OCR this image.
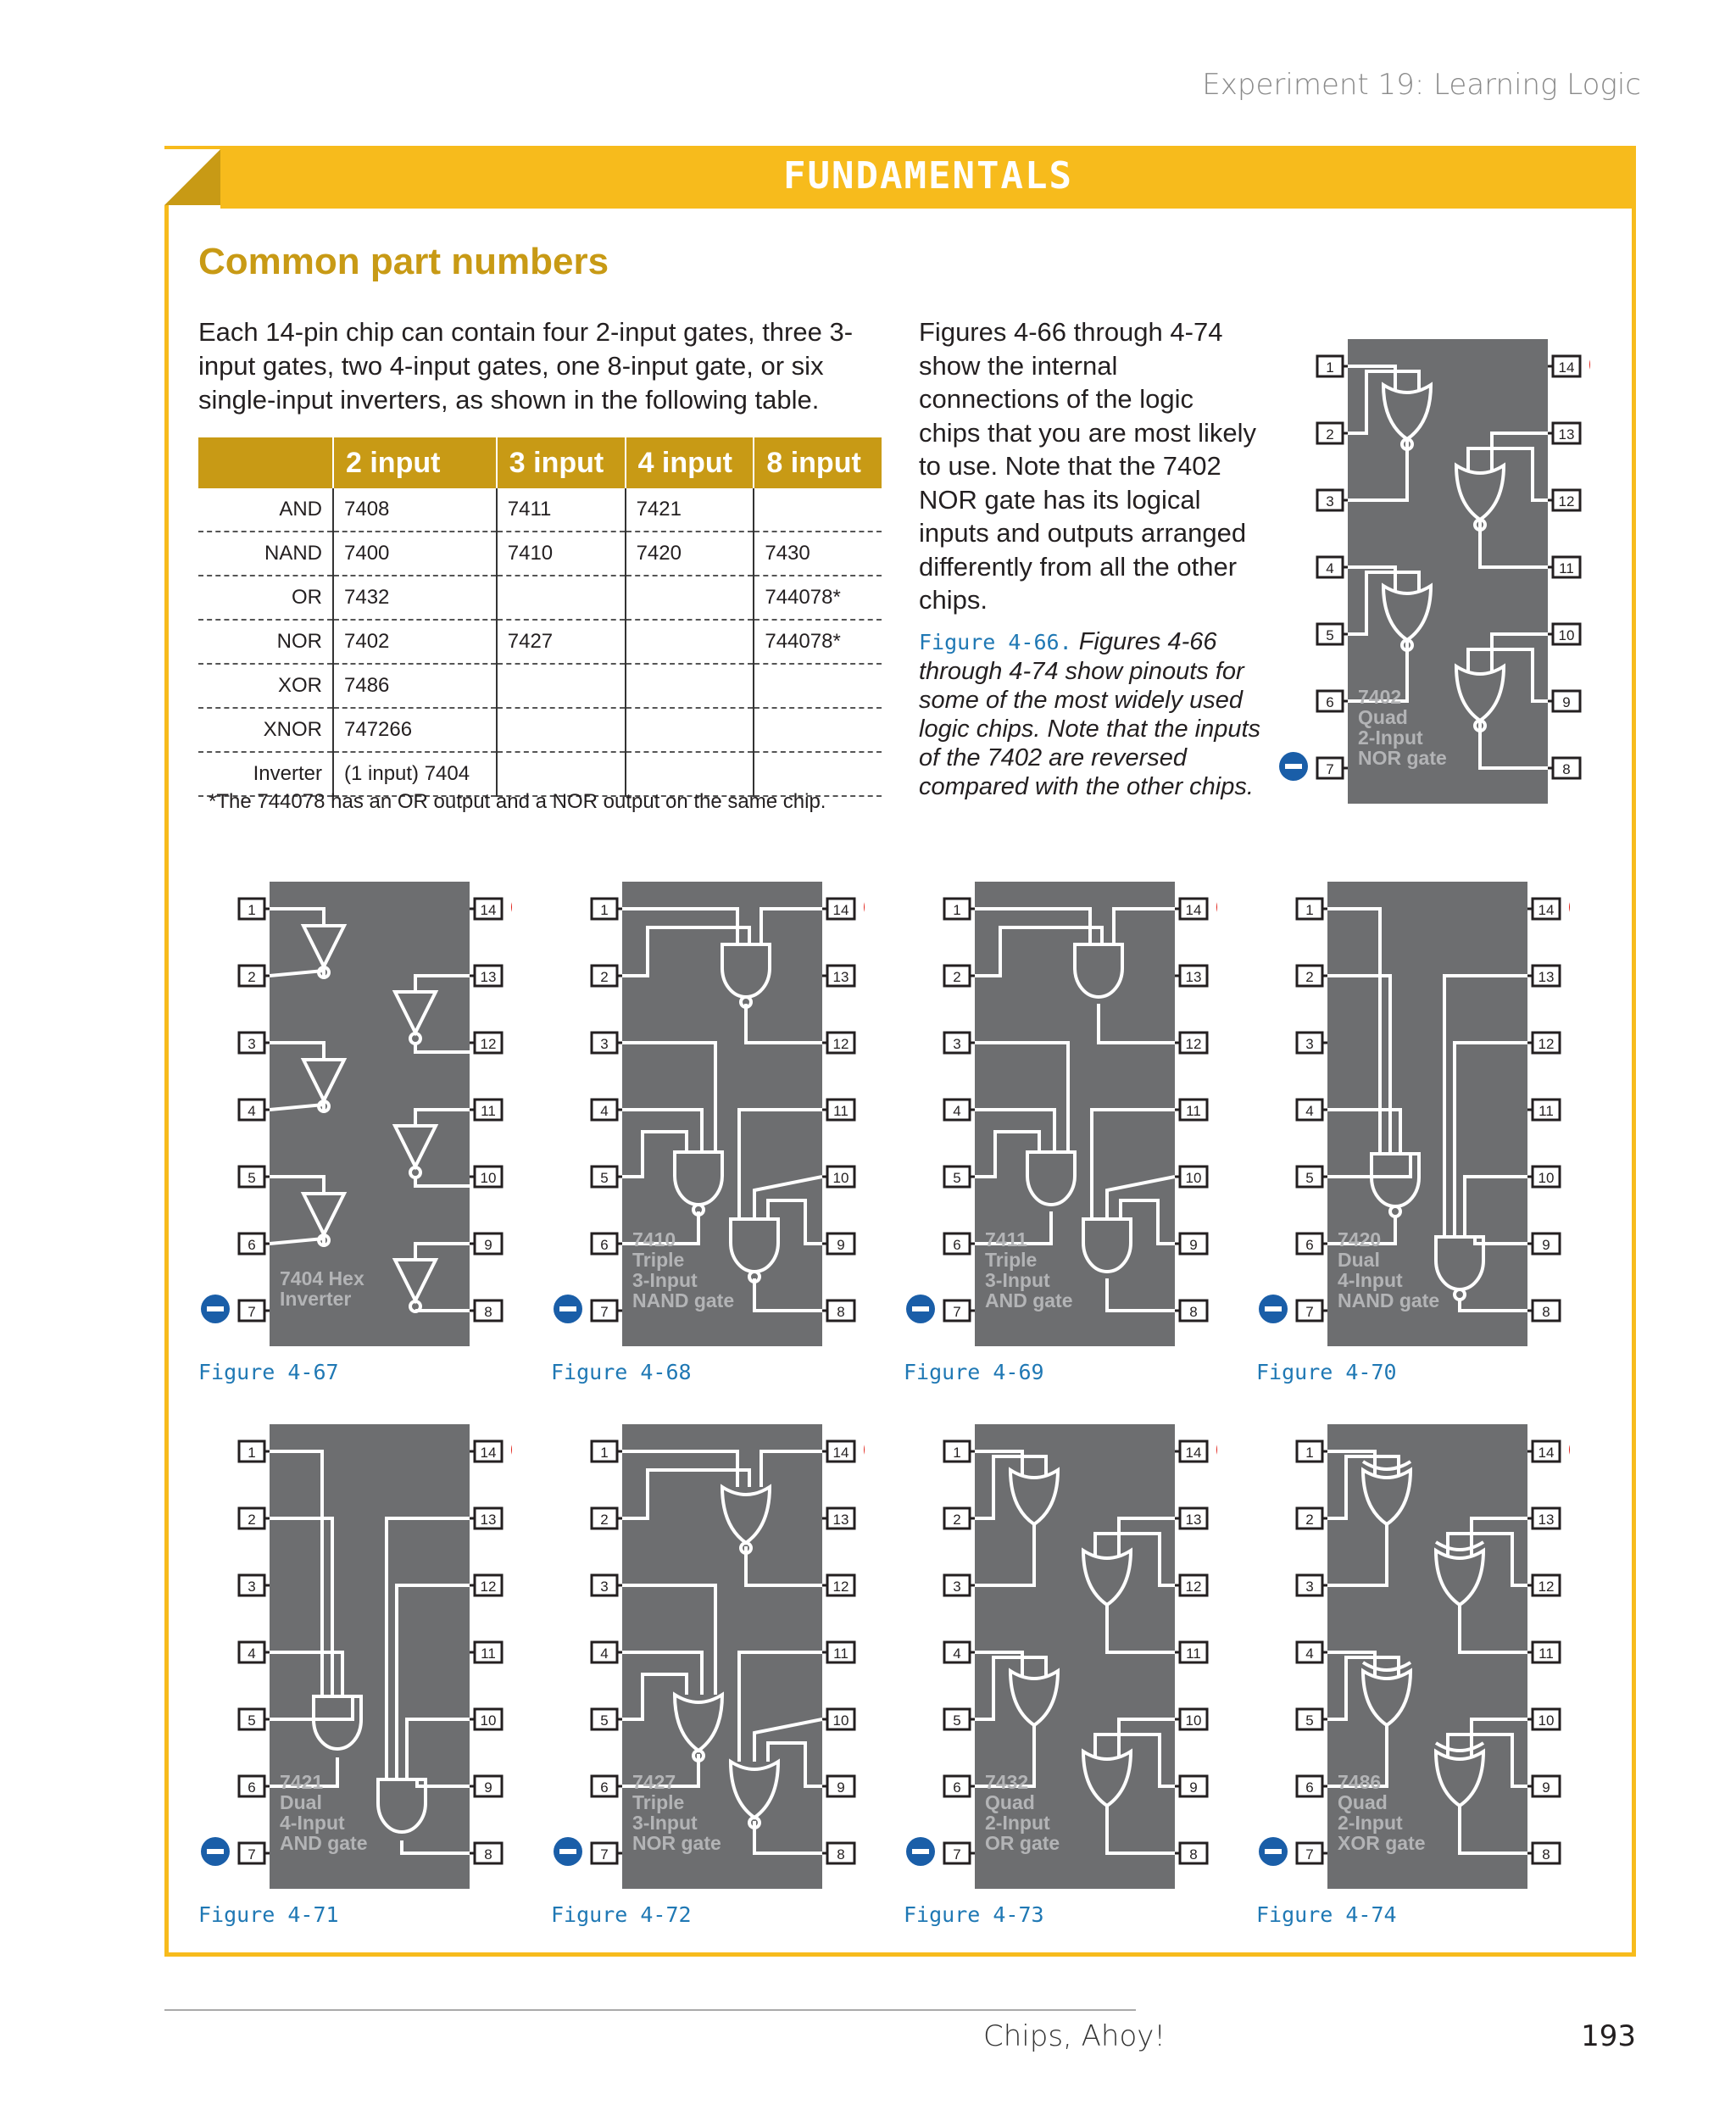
Experiment 19: Learning Logic
FUNDAMENTALS
Common part numbers
Each 14-pin chip can contain four 2-input gates, three 3-input gates, two 4-input gates, one 8-input gate, or six single-input inverters, as shown in the following table.
	2 input	3 input	4 input	8 input
AND	7408	7411	7421	
NAND	7400	7410	7420	7430
OR	7432			744078*
NOR	7402	7427		744078*
XOR	7486			
XNOR	747266			
Inverter	(1 input) 7404			
*The 744078 has an OR output and a NOR output on the same chip.
Figures 4-66 through 4-74 show the internal connections of the logic chips that you are most likely to use. Note that the 7402 NOR gate has its logical inputs and outputs arranged differently from all the other chips.
Figure 4-66. Figures 4-66 through 4-74 show pinouts for some of the most widely used logic chips. Note that the inputs of the 7402 are reversed compared with the other chips.
1
2
3
4
5
6
7
14
13
12
11
10
9
8
7402
Quad
2-Input
NOR gate
1
2
3
4
5
6
7
14
13
12
11
10
9
8
7404 Hex
Inverter
Figure 4-67
1
2
3
4
5
6
7
14
13
12
11
10
9
8
7410
Triple
3-Input
NAND gate
Figure 4-68
1
2
3
4
5
6
7
14
13
12
11
10
9
8
7411
Triple
3-Input
AND gate
Figure 4-69
1
2
3
4
5
6
7
14
13
12
11
10
9
8
7420
Dual
4-Input
NAND gate
Figure 4-70
1
2
3
4
5
6
7
14
13
12
11
10
9
8
7421
Dual
4-Input
AND gate
Figure 4-71
1
2
3
4
5
6
7
14
13
12
11
10
9
8
7427
Triple
3-Input
NOR gate
Figure 4-72
1
2
3
4
5
6
7
14
13
12
11
10
9
8
7432
Quad
2-Input
OR gate
Figure 4-73
1
2
3
4
5
6
7
14
13
12
11
10
9
8
7486
Quad
2-Input
XOR gate
Figure 4-74
Chips, Ahoy!	193
